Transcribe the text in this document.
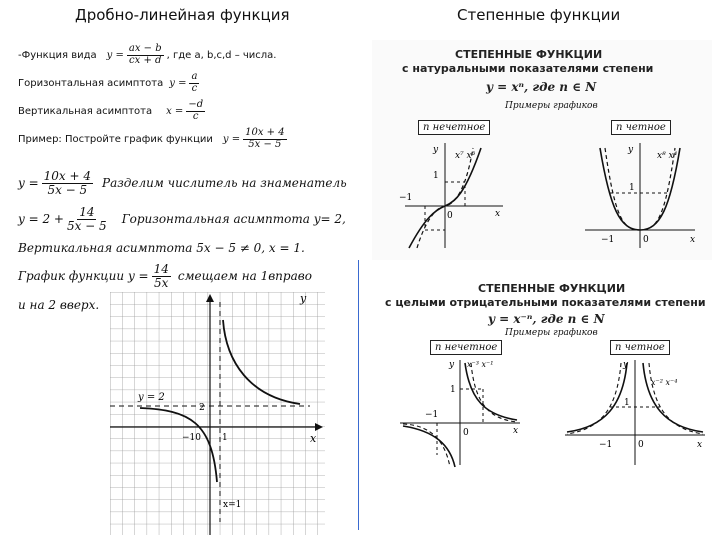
Дробно-линейная функция	Степенные функции
-Функция вида $y = \frac{ax - b}{cx + d}$ , где a, b,c,d – числа.
Горизонтальная асимптота $y = \frac{a}{c}$
Вертикальная асимптота $x = \frac{-d}{c}$
Пример: Постройте график функции $y = \frac{10x + 4}{5x - 5}$
$y = \frac{10x + 4}{5x - 5}$ Разделим числитель на знаменатель
$y = 2 + \frac{14}{5x - 5}$ Горизонтальная асимптота y= 2,
Вертикальная асимптота 5x − 5 ≠ 0, x = 1.
График функции $y = \frac{14}{5x}$ смещаем на 1вправо
и на 2 вверх.	y
x
y = 2
2
1
−10
x=1
СТЕПЕННЫЕ ФУНКЦИИ
с натуральными показателями степени
y = xⁿ, где n ∈ N
Примеры графиков
n нечетное	n четное
y
x
x⁷ x³
1
−1
0
y
x
x⁸ x⁴
1
−1	0
СТЕПЕННЫЕ ФУНКЦИИ
с целыми отрицательными показателями степени
y = x⁻ⁿ, где n ∈ N
Примеры графиков
n нечетное	n четное
y
x
x⁻³ x⁻¹
1
−1
0
y
x
x⁻² x⁻⁴
1
−1	0
